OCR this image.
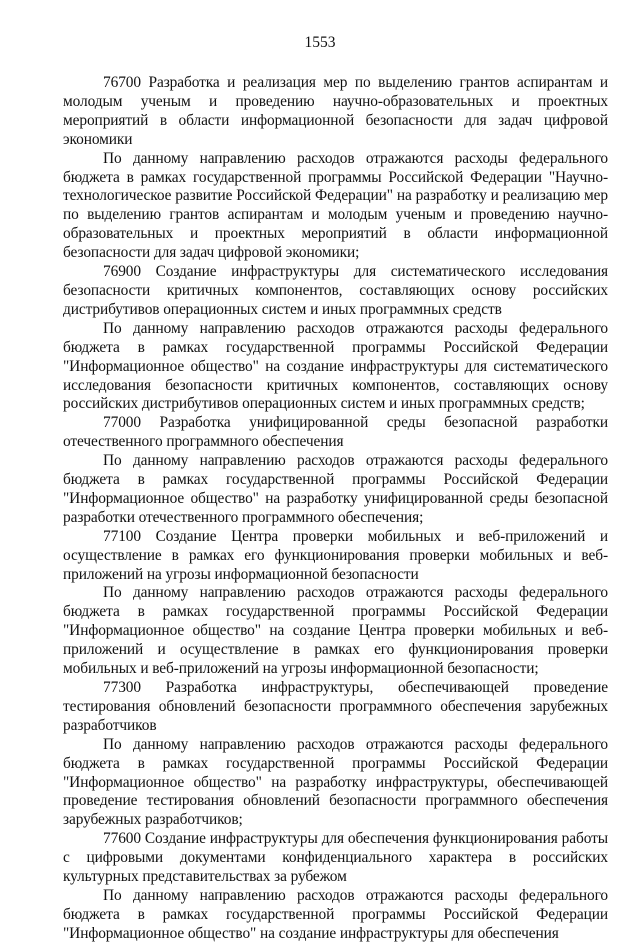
1553

76700 Разработка и реализация мер по выделению грантов аспирантам и молодым ученым и проведению научно-образовательных и проектных мероприятий в области информационной безопасности для задач цифровой экономики

По данному направлению расходов отражаются расходы федерального бюджета в рамках государственной программы Российской Федерации "Научно-технологическое развитие Российской Федерации" на разработку и реализацию мер по выделению грантов аспирантам и молодым ученым и проведению научно-образовательных и проектных мероприятий в области информационной безопасности для задач цифровой экономики;

76900 Создание инфраструктуры для систематического исследования безопасности критичных компонентов, составляющих основу российских дистрибутивов операционных систем и иных программных средств

По данному направлению расходов отражаются расходы федерального бюджета в рамках государственной программы Российской Федерации "Информационное общество" на создание инфраструктуры для систематического исследования безопасности критичных компонентов, составляющих основу российских дистрибутивов операционных систем и иных программных средств;

77000 Разработка унифицированной среды безопасной разработки отечественного программного обеспечения

По данному направлению расходов отражаются расходы федерального бюджета в рамках государственной программы Российской Федерации "Информационное общество" на разработку унифицированной среды безопасной разработки отечественного программного обеспечения;

77100 Создание Центра проверки мобильных и веб-приложений и осуществление в рамках его функционирования проверки мобильных и веб-приложений на угрозы информационной безопасности

По данному направлению расходов отражаются расходы федерального бюджета в рамках государственной программы Российской Федерации "Информационное общество" на создание Центра проверки мобильных и веб-приложений и осуществление в рамках его функционирования проверки мобильных и веб-приложений на угрозы информационной безопасности;

77300 Разработка инфраструктуры, обеспечивающей проведение тестирования обновлений безопасности программного обеспечения зарубежных разработчиков

По данному направлению расходов отражаются расходы федерального бюджета в рамках государственной программы Российской Федерации "Информационное общество" на разработку инфраструктуры, обеспечивающей проведение тестирования обновлений безопасности программного обеспечения зарубежных разработчиков;

77600 Создание инфраструктуры для обеспечения функционирования работы с цифровыми документами конфиденциального характера в российских культурных представительствах за рубежом

По данному направлению расходов отражаются расходы федерального бюджета в рамках государственной программы Российской Федерации "Информационное общество" на создание инфраструктуры для обеспечения
